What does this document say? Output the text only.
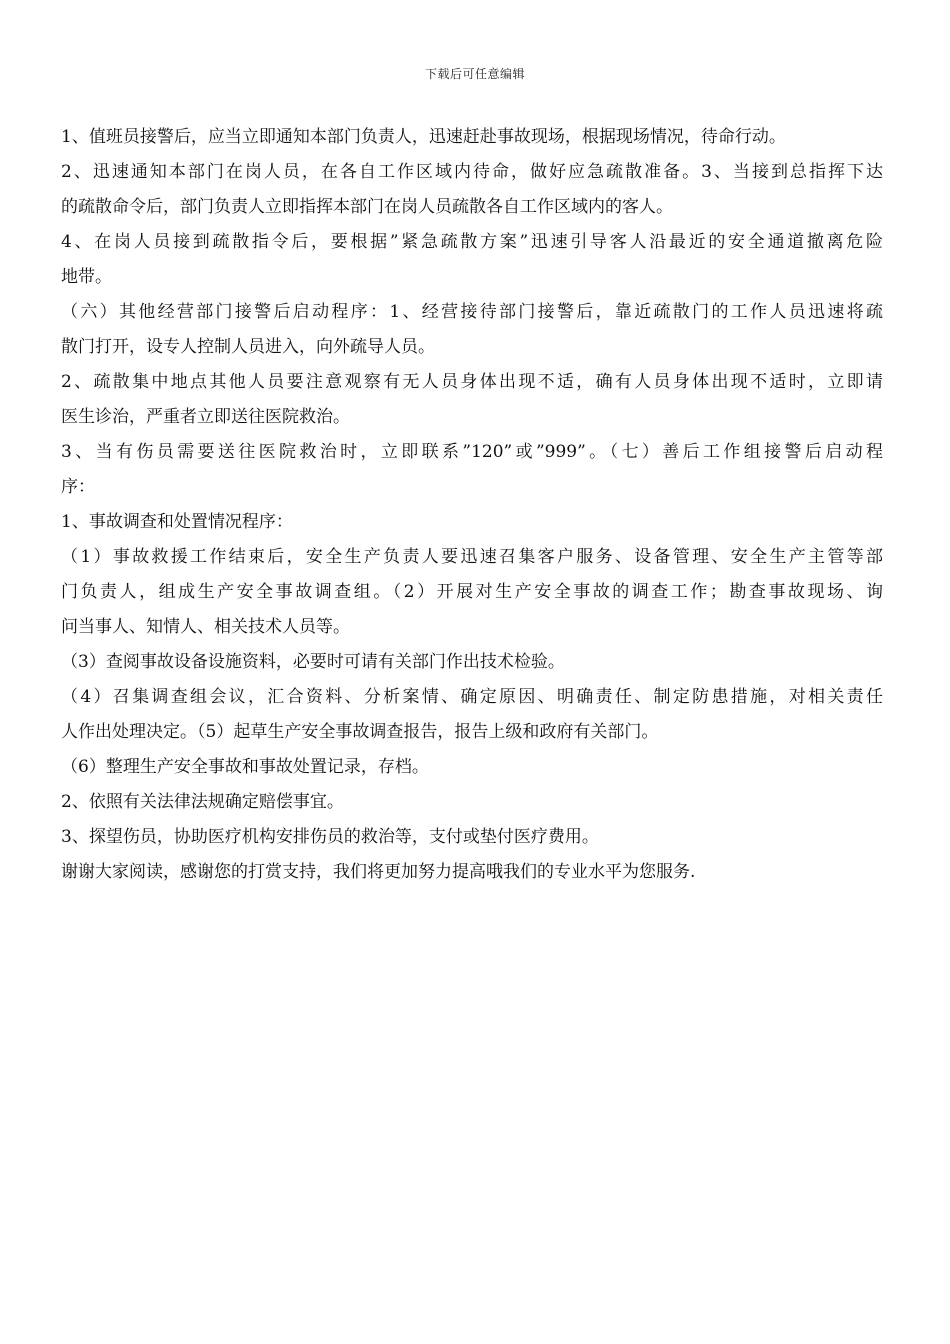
下载后可任意编辑
1、值班员接警后，应当立即通知本部门负责人，迅速赶赴事故现场，根据现场情况，待命行动。
2、迅速通知本部门在岗人员，在各自工作区域内待命，做好应急疏散准备。3、当接到总指挥下达
的疏散命令后，部门负责人立即指挥本部门在岗人员疏散各自工作区域内的客人。
4、在岗人员接到疏散指令后，要根据”紧急疏散方案”迅速引导客人沿最近的安全通道撤离危险
地带。
（六）其他经营部门接警后启动程序：1、经营接待部门接警后，靠近疏散门的工作人员迅速将疏
散门打开，设专人控制人员进入，向外疏导人员。
2、疏散集中地点其他人员要注意观察有无人员身体出现不适，确有人员身体出现不适时，立即请
医生诊治，严重者立即送往医院救治。
3、当有伤员需要送往医院救治时，立即联系”120”或”999”。（七）善后工作组接警后启动程
序：
1、事故调查和处置情况程序：
（1）事故救援工作结束后，安全生产负责人要迅速召集客户服务、设备管理、安全生产主管等部
门负责人，组成生产安全事故调查组。（2）开展对生产安全事故的调查工作；勘查事故现场、询
问当事人、知情人、相关技术人员等。
（3）查阅事故设备设施资料，必要时可请有关部门作出技术检验。
（4）召集调查组会议，汇合资料、分析案情、确定原因、明确责任、制定防患措施，对相关责任
人作出处理决定。（5）起草生产安全事故调查报告，报告上级和政府有关部门。
（6）整理生产安全事故和事故处置记录，存档。
2、依照有关法律法规确定赔偿事宜。
3、探望伤员，协助医疗机构安排伤员的救治等，支付或垫付医疗费用。
谢谢大家阅读，感谢您的打赏支持，我们将更加努力提高哦我们的专业水平为您服务.
